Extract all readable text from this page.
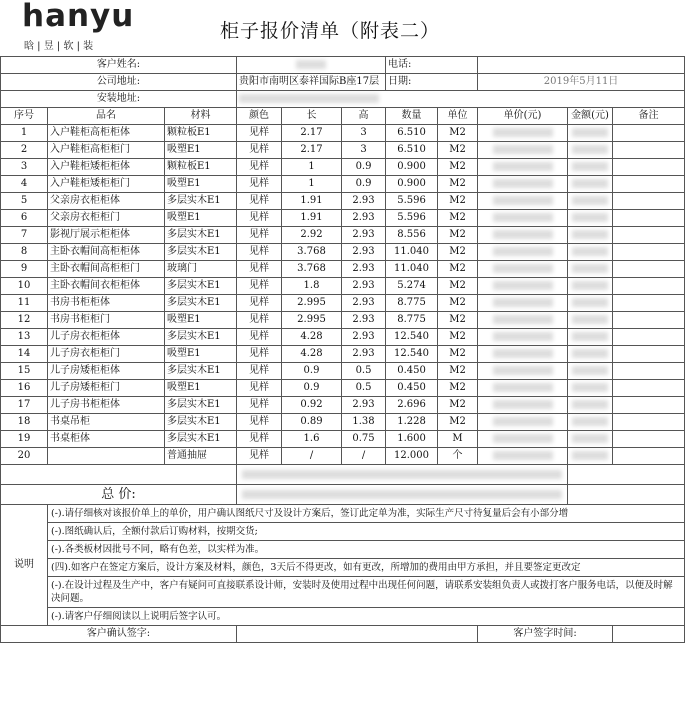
hanyu
晗 | 昱 | 软 | 装
柜子报价清单（附表二）
客户姓名:						电话:				
公司地址:			贵阳市南明区泰祥国际B座17层			日期:		2019年5月11日		
安装地址:										
序号	品名	材料	颜色	长	高	数量	单位	单价(元)	金额(元)	备注
1	入户鞋柜高柜柜体	颗粒板E1	见样	2.17	3	6.510	M2			
2	入户鞋柜高柜柜门	吸塑E1	见样	2.17	3	6.510	M2			
3	入户鞋柜矮柜柜体	颗粒板E1	见样	1	0.9	0.900	M2			
4	入户鞋柜矮柜柜门	吸塑E1	见样	1	0.9	0.900	M2			
5	父亲房衣柜柜体	多层实木E1	见样	1.91	2.93	5.596	M2			
6	父亲房衣柜柜门	吸塑E1	见样	1.91	2.93	5.596	M2			
7	影视厅展示柜柜体	多层实木E1	见样	2.92	2.93	8.556	M2			
8	主卧衣帽间高柜柜体	多层实木E1	见样	3.768	2.93	11.040	M2			
9	主卧衣帽间高柜柜门	玻璃门	见样	3.768	2.93	11.040	M2			
10	主卧衣帽间衣柜柜体	多层实木E1	见样	1.8	2.93	5.274	M2			
11	书房书柜柜体	多层实木E1	见样	2.995	2.93	8.775	M2			
12	书房书柜柜门	吸塑E1	见样	2.995	2.93	8.775	M2			
13	儿子房衣柜柜体	多层实木E1	见样	4.28	2.93	12.540	M2			
14	儿子房衣柜柜门	吸塑E1	见样	4.28	2.93	12.540	M2			
15	儿子房矮柜柜体	多层实木E1	见样	0.9	0.5	0.450	M2			
16	儿子房矮柜柜门	吸塑E1	见样	0.9	0.5	0.450	M2			
17	儿子房书柜柜体	多层实木E1	见样	0.92	2.93	2.696	M2			
18	书桌吊柜	多层实木E1	见样	0.89	1.38	1.228	M2			
19	书桌柜体	多层实木E1	见样	1.6	0.75	1.600	M			
20		普通抽屉	见样	/	/	12.000	个			

总 价:										
说明	(-).请仔细核对该报价单上的单价，用户确认图纸尺寸及设计方案后，签订此定单为准，实际生产尺寸待复量后会有小部分增									
	(-).图纸确认后，全额付款后订购材料，按期交货;									
	(-).各类板材因批号不同，略有色差，以实样为准。									
	(四).如客户在签定方案后，设计方案及材料，颜色，3天后不得更改，如有更改，所增加的费用由甲方承担，并且要签定更改定									
	(-).在设计过程及生产中，客户有疑问可直接联系设计师，安装时及使用过程中出现任何问题，请联系安装组负责人或拨打客户服务电话，以便及时解决问题。									
	(-).请客户仔细阅读以上说明后签字认可。									
客户确认签字:								客户签字时间:		
